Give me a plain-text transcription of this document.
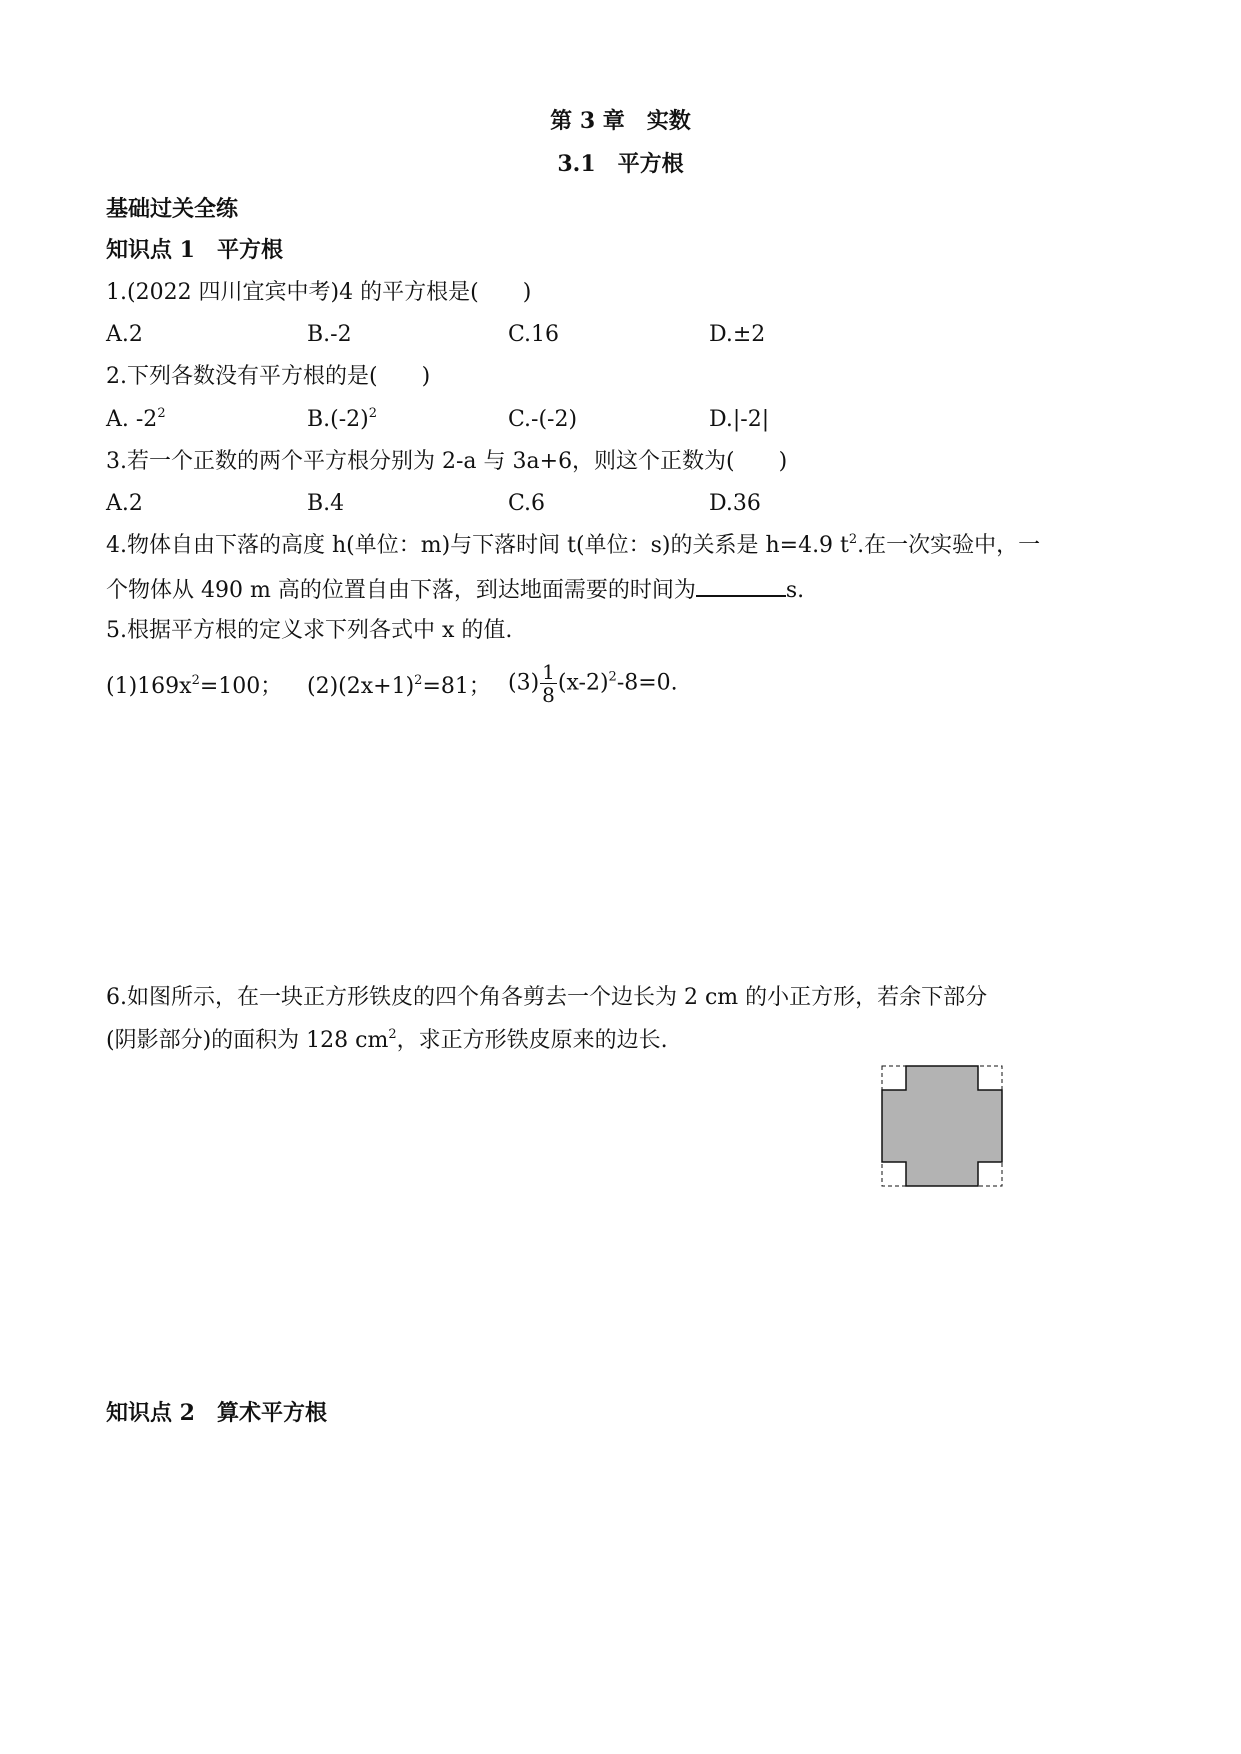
第 3 章　实数
3.1　平方根
基础过关全练
知识点 1　平方根
1.(2022 四川宜宾中考)4 的平方根是(　　)
A.2	B.-2	C.16	D.±2
2.下列各数没有平方根的是(　　)
A. $-2^2$	$B.(-2)^2$	C.-(-2)	D.|-2|
3.若一个正数的两个平方根分别为 2-a 与 3a+6，则这个正数为(　　)
A.2	B.4	C.6	D.36
4.物体自由下落的高度 h(单位：m)与下落时间 t(单位：s)的关系是 h=4.9 $t^2$.在一次实验中，一
个物体从 490 m 高的位置自由下落，到达地面需要的时间为	s.
5.根据平方根的定义求下列各式中 x 的值.
$(1)169x^2=100$； $(2)(2x+1)^2=81$； $(3) \frac{1}{8} (x-2)^2-8=0$.
6.如图所示，在一块正方形铁皮的四个角各剪去一个边长为 2 cm 的小正方形，若余下部分
(阴影部分)的面积为 128 $cm^2$，求正方形铁皮原来的边长.
知识点 2　算术平方根
